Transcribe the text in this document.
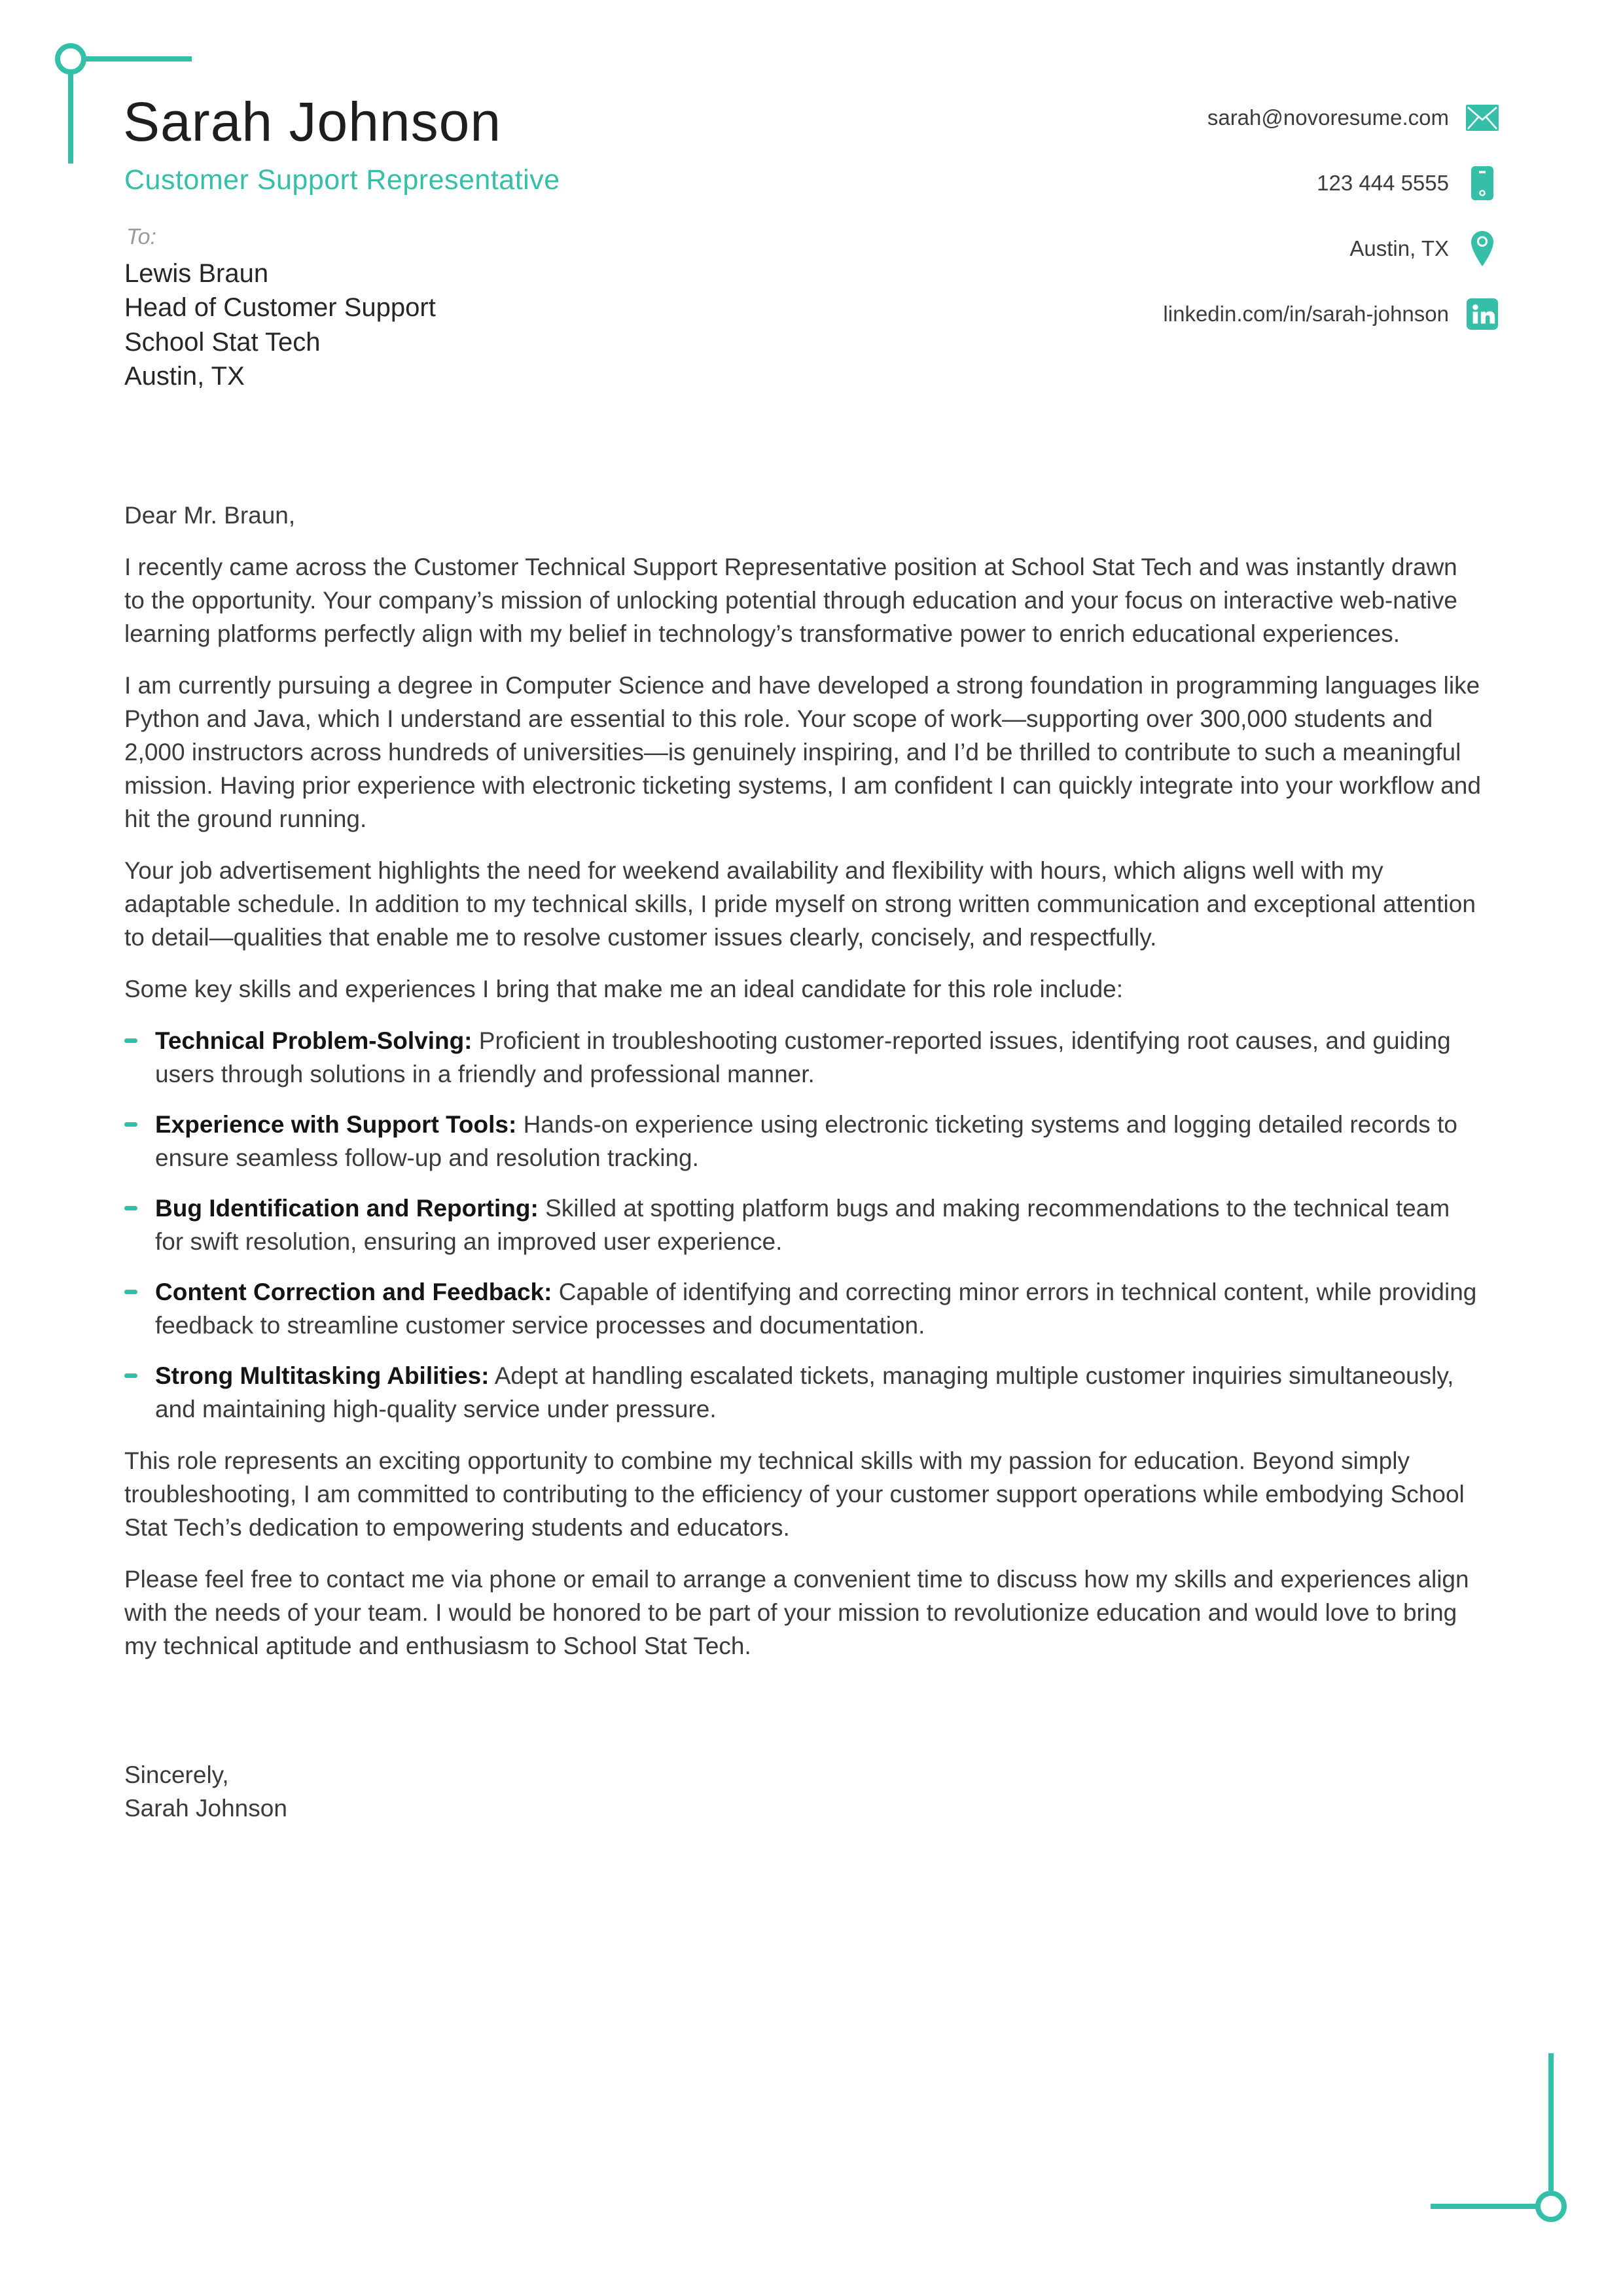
Sarah Johnson
Customer Support Representative
sarah@novoresume.com
123 444 5555
Austin, TX
linkedin.com/in/sarah-johnson
To:
Lewis Braun
Head of Customer Support
School Stat Tech
Austin, TX

Dear Mr. Braun,

I recently came across the Customer Technical Support Representative position at School Stat Tech and was instantly drawn to the opportunity. Your company’s mission of unlocking potential through education and your focus on interactive web-native learning platforms perfectly align with my belief in technology’s transformative power to enrich educational experiences.

I am currently pursuing a degree in Computer Science and have developed a strong foundation in programming languages like Python and Java, which I understand are essential to this role. Your scope of work—supporting over 300,000 students and 2,000 instructors across hundreds of universities—is genuinely inspiring, and I’d be thrilled to contribute to such a meaningful mission. Having prior experience with electronic ticketing systems, I am confident I can quickly integrate into your workflow and hit the ground running.

Your job advertisement highlights the need for weekend availability and flexibility with hours, which aligns well with my adaptable schedule. In addition to my technical skills, I pride myself on strong written communication and exceptional attention to detail—qualities that enable me to resolve customer issues clearly, concisely, and respectfully.

Some key skills and experiences I bring that make me an ideal candidate for this role include:

Technical Problem-Solving: Proficient in troubleshooting customer-reported issues, identifying root causes, and guiding users through solutions in a friendly and professional manner.
Experience with Support Tools: Hands-on experience using electronic ticketing systems and logging detailed records to ensure seamless follow-up and resolution tracking.
Bug Identification and Reporting: Skilled at spotting platform bugs and making recommendations to the technical team for swift resolution, ensuring an improved user experience.
Content Correction and Feedback: Capable of identifying and correcting minor errors in technical content, while providing feedback to streamline customer service processes and documentation.
Strong Multitasking Abilities: Adept at handling escalated tickets, managing multiple customer inquiries simultaneously, and maintaining high-quality service under pressure.

This role represents an exciting opportunity to combine my technical skills with my passion for education. Beyond simply troubleshooting, I am committed to contributing to the efficiency of your customer support operations while embodying School Stat Tech’s dedication to empowering students and educators.

Please feel free to contact me via phone or email to arrange a convenient time to discuss how my skills and experiences align with the needs of your team. I would be honored to be part of your mission to revolutionize education and would love to bring my technical aptitude and enthusiasm to School Stat Tech.

Sincerely,
Sarah Johnson
